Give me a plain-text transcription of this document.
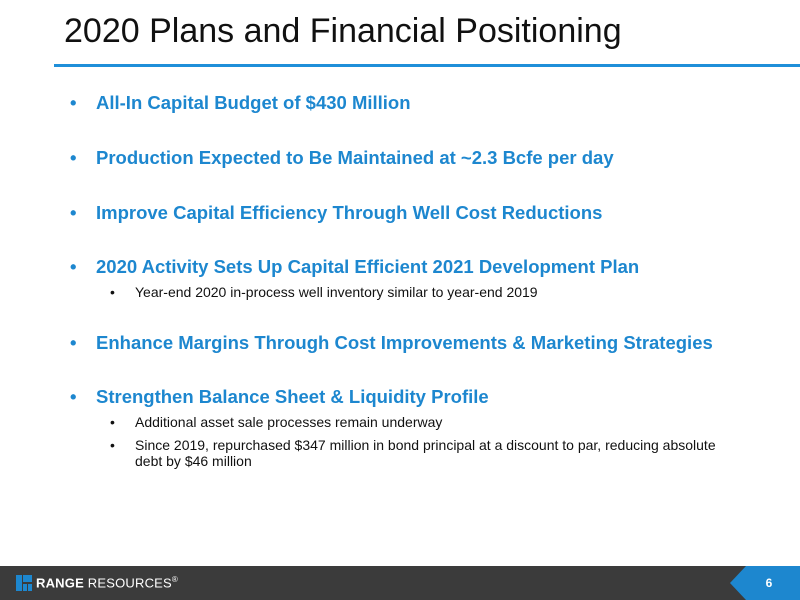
2020 Plans and Financial Positioning
• All-In Capital Budget of $430 Million
• Production Expected to Be Maintained at ~2.3 Bcfe per day
• Improve Capital Efficiency Through Well Cost Reductions
• 2020 Activity Sets Up Capital Efficient 2021 Development Plan
• Year-end 2020 in-process well inventory similar to year-end 2019
• Enhance Margins Through Cost Improvements & Marketing Strategies
• Strengthen Balance Sheet & Liquidity Profile
• Additional asset sale processes remain underway
• Since 2019, repurchased $347 million in bond principal at a discount to par, reducing absolute debt by $46 million
RANGE RESOURCES®	6
